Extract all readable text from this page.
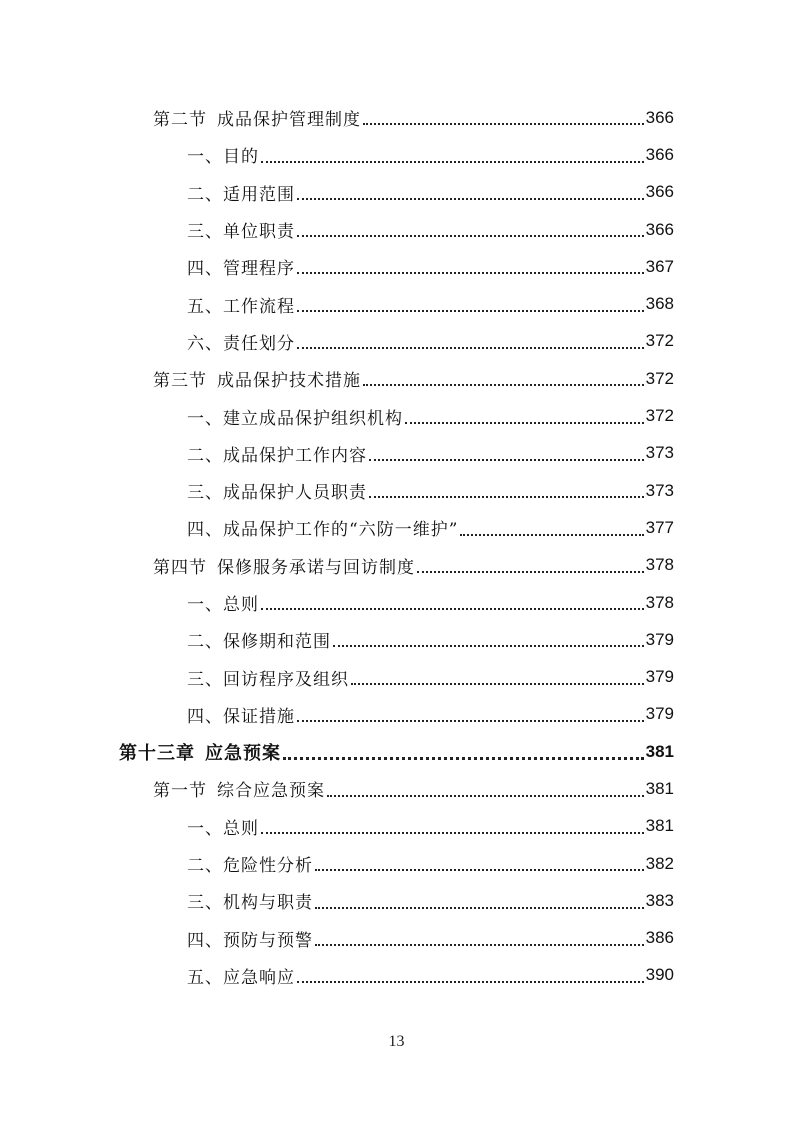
第二节 成品保护管理制度	366
一、目的	366
二、适用范围	366
三、单位职责	366
四、管理程序	367
五、工作流程	368
六、责任划分	372
第三节 成品保护技术措施	372
一、建立成品保护组织机构	372
二、成品保护工作内容	373
三、成品保护人员职责	373
四、成品保护工作的“六防一维护”	377
第四节 保修服务承诺与回访制度	378
一、总则	378
二、保修期和范围	379
三、回访程序及组织	379
四、保证措施	379
第十三章 应急预案	381
第一节 综合应急预案	381
一、总则	381
二、危险性分析	382
三、机构与职责	383
四、预防与预警	386
五、应急响应	390
13
